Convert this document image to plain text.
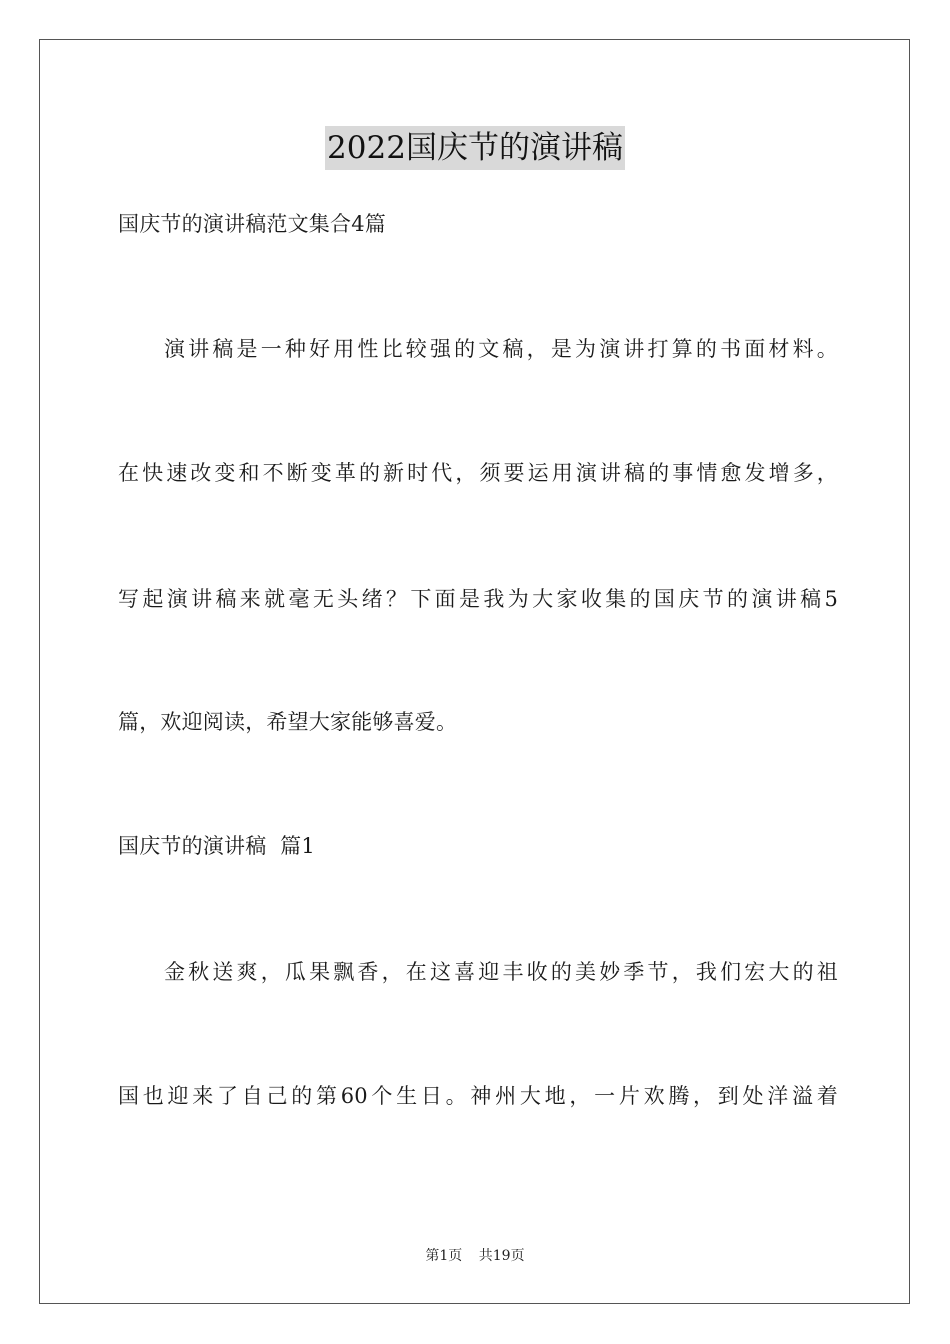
2022国庆节的演讲稿
国庆节的演讲稿范文集合4篇
演讲稿是一种好用性比较强的文稿，是为演讲打算的书面材料。
在快速改变和不断变革的新时代，须要运用演讲稿的事情愈发增多，
写起演讲稿来就毫无头绪？下面是我为大家收集的国庆节的演讲稿5
篇，欢迎阅读，希望大家能够喜爱。
国庆节的演讲稿  篇1
金秋送爽，瓜果飘香，在这喜迎丰收的美妙季节，我们宏大的祖
国也迎来了自己的第60个生日。神州大地，一片欢腾，到处洋溢着
第1页 共19页
